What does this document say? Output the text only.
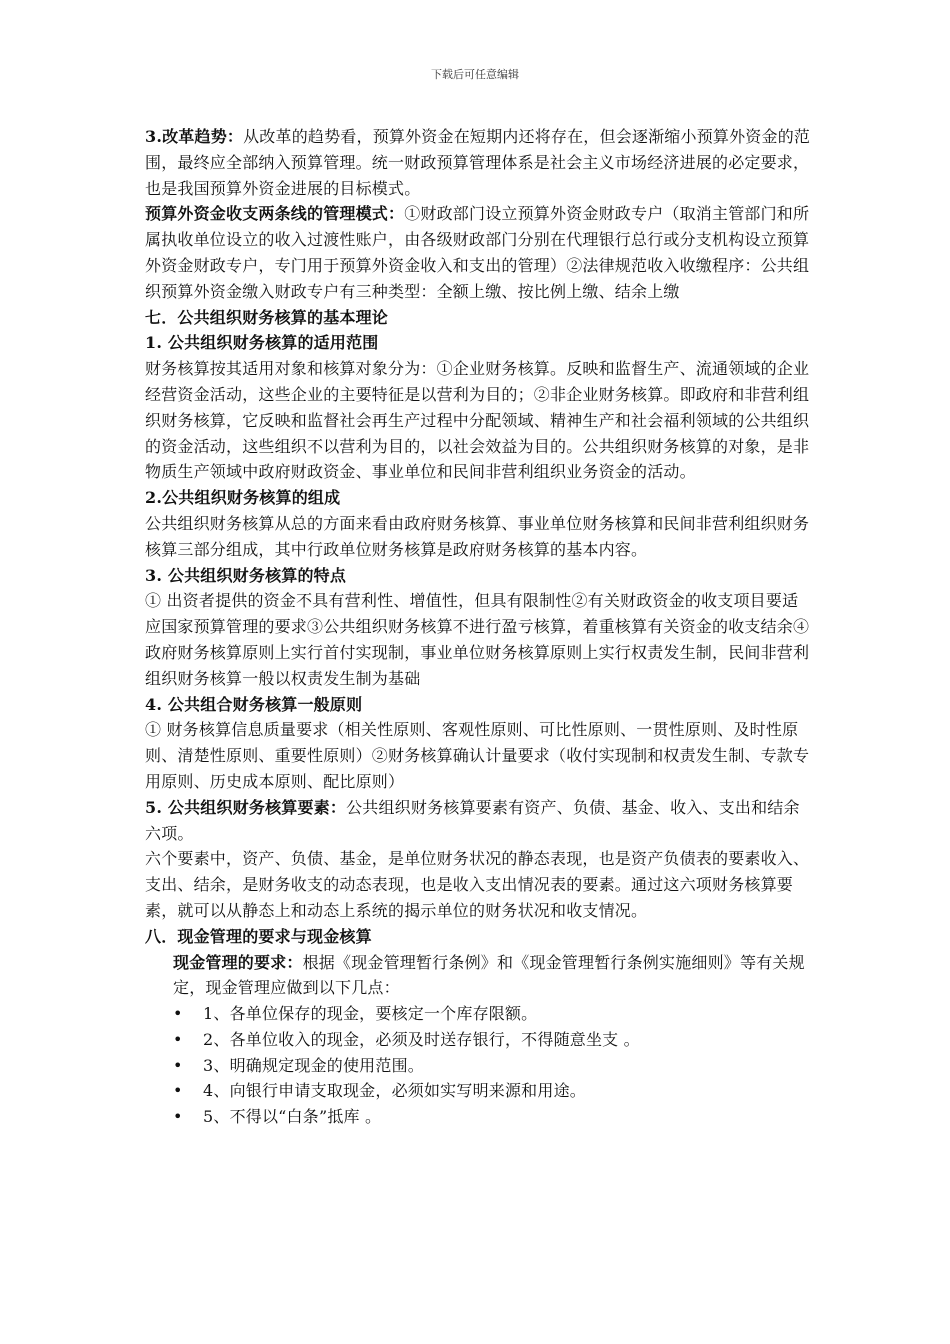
下载后可任意编辑

3.改革趋势：从改革的趋势看，预算外资金在短期内还将存在，但会逐渐缩小预算外资金的范围，最终应全部纳入预算管理。统一财政预算管理体系是社会主义市场经济进展的必定要求，也是我国预算外资金进展的目标模式。

预算外资金收支两条线的管理模式：①财政部门设立预算外资金财政专户（取消主管部门和所属执收单位设立的收入过渡性账户，由各级财政部门分别在代理银行总行或分支机构设立预算外资金财政专户，专门用于预算外资金收入和支出的管理）②法律规范收入收缴程序：公共组织预算外资金缴入财政专户有三种类型：全额上缴、按比例上缴、结余上缴

七．公共组织财务核算的基本理论

1. 公共组织财务核算的适用范围

财务核算按其适用对象和核算对象分为：①企业财务核算。反映和监督生产、流通领域的企业经营资金活动，这些企业的主要特征是以营利为目的；②非企业财务核算。即政府和非营利组织财务核算，它反映和监督社会再生产过程中分配领域、精神生产和社会福利领域的公共组织的资金活动，这些组织不以营利为目的，以社会效益为目的。公共组织财务核算的对象，是非物质生产领域中政府财政资金、事业单位和民间非营利组织业务资金的活动。

2.公共组织财务核算的组成

公共组织财务核算从总的方面来看由政府财务核算、事业单位财务核算和民间非营利组织财务核算三部分组成，其中行政单位财务核算是政府财务核算的基本内容。

3. 公共组织财务核算的特点

① 出资者提供的资金不具有营利性、增值性，但具有限制性②有关财政资金的收支项目要适应国家预算管理的要求③公共组织财务核算不进行盈亏核算，着重核算有关资金的收支结余④政府财务核算原则上实行首付实现制，事业单位财务核算原则上实行权责发生制，民间非营利组织财务核算一般以权责发生制为基础

4. 公共组合财务核算一般原则

① 财务核算信息质量要求（相关性原则、客观性原则、可比性原则、一贯性原则、及时性原则、清楚性原则、重要性原则）②财务核算确认计量要求（收付实现制和权责发生制、专款专用原则、历史成本原则、配比原则）

5. 公共组织财务核算要素：公共组织财务核算要素有资产、负债、基金、收入、支出和结余六项。

六个要素中，资产、负债、基金，是单位财务状况的静态表现，也是资产负债表的要素收入、支出、结余，是财务收支的动态表现，也是收入支出情况表的要素。通过这六项财务核算要素，就可以从静态上和动态上系统的揭示单位的财务状况和收支情况。

八．现金管理的要求与现金核算

现金管理的要求：根据《现金管理暂行条例》和《现金管理暂行条例实施细则》等有关规定，现金管理应做到以下几点：

• 1、各单位保存的现金，要核定一个库存限额。
• 2、各单位收入的现金，必须及时送存银行，不得随意坐支 。
• 3、明确规定现金的使用范围。
• 4、向银行申请支取现金，必须如实写明来源和用途。
• 5、不得以“白条”抵库 。
